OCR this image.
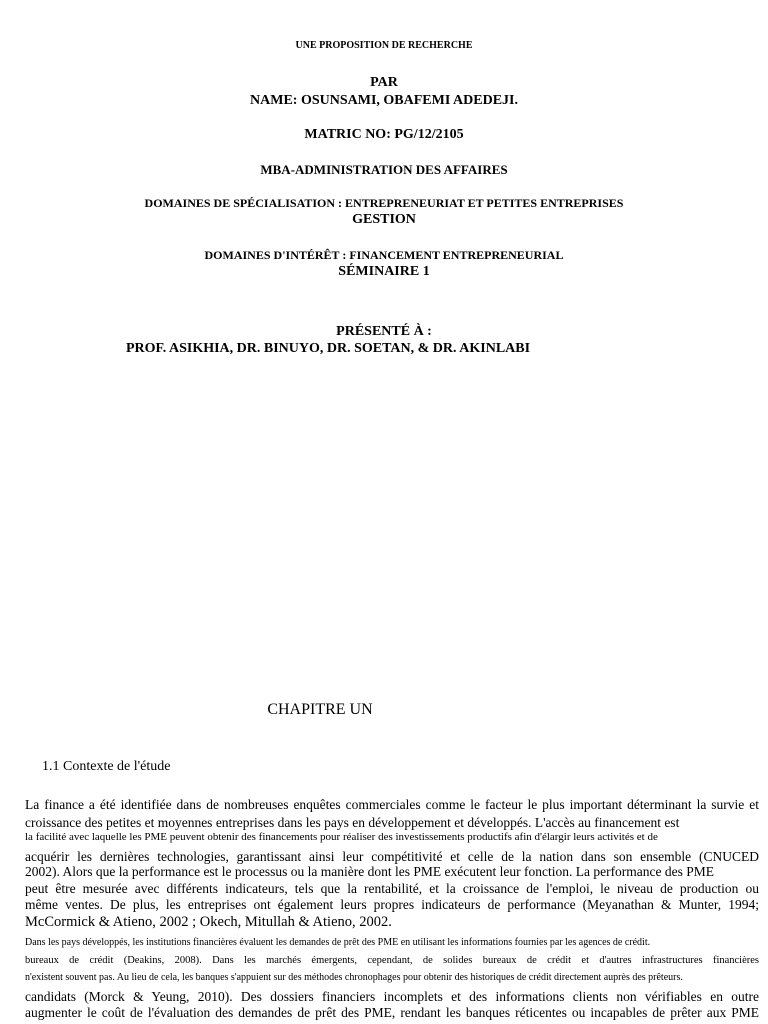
UNE PROPOSITION DE RECHERCHE
PAR
NAME: OSUNSAMI, OBAFEMI ADEDEJI.
MATRIC NO: PG/12/2105
MBA-ADMINISTRATION DES AFFAIRES
DOMAINES DE SPÉCIALISATION : ENTREPRENEURIAT ET PETITES ENTREPRISES
GESTION
DOMAINES D'INTÉRÊT : FINANCEMENT ENTREPRENEURIAL
SÉMINAIRE 1
PRÉSENTÉ À :
PROF. ASIKHIA, DR. BINUYO, DR. SOETAN, & DR. AKINLABI
CHAPITRE UN
1.1 Contexte de l'étude
La finance a été identifiée dans de nombreuses enquêtes commerciales comme le facteur le plus important déterminant la survie et
croissance des petites et moyennes entreprises dans les pays en développement et développés. L'accès au financement est
la facilité avec laquelle les PME peuvent obtenir des financements pour réaliser des investissements productifs afin d'élargir leurs activités et de
acquérir les dernières technologies, garantissant ainsi leur compétitivité et celle de la nation dans son ensemble (CNUCED
2002). Alors que la performance est le processus ou la manière dont les PME exécutent leur fonction. La performance des PME
peut être mesurée avec différents indicateurs, tels que la rentabilité, et la croissance de l'emploi, le niveau de production ou
même ventes. De plus, les entreprises ont également leurs propres indicateurs de performance (Meyanathan & Munter, 1994;
McCormick & Atieno, 2002 ; Okech, Mitullah & Atieno, 2002.
Dans les pays développés, les institutions financières évaluent les demandes de prêt des PME en utilisant les informations fournies par les agences de crédit.
bureaux de crédit (Deakins, 2008). Dans les marchés émergents, cependant, de solides bureaux de crédit et d'autres infrastructures financières
n'existent souvent pas. Au lieu de cela, les banques s'appuient sur des méthodes chronophages pour obtenir des historiques de crédit directement auprès des prêteurs.
candidats (Morck & Yeung, 2010). Des dossiers financiers incomplets et des informations clients non vérifiables en outre
augmenter le coût de l'évaluation des demandes de prêt des PME, rendant les banques réticentes ou incapables de prêter aux PME
